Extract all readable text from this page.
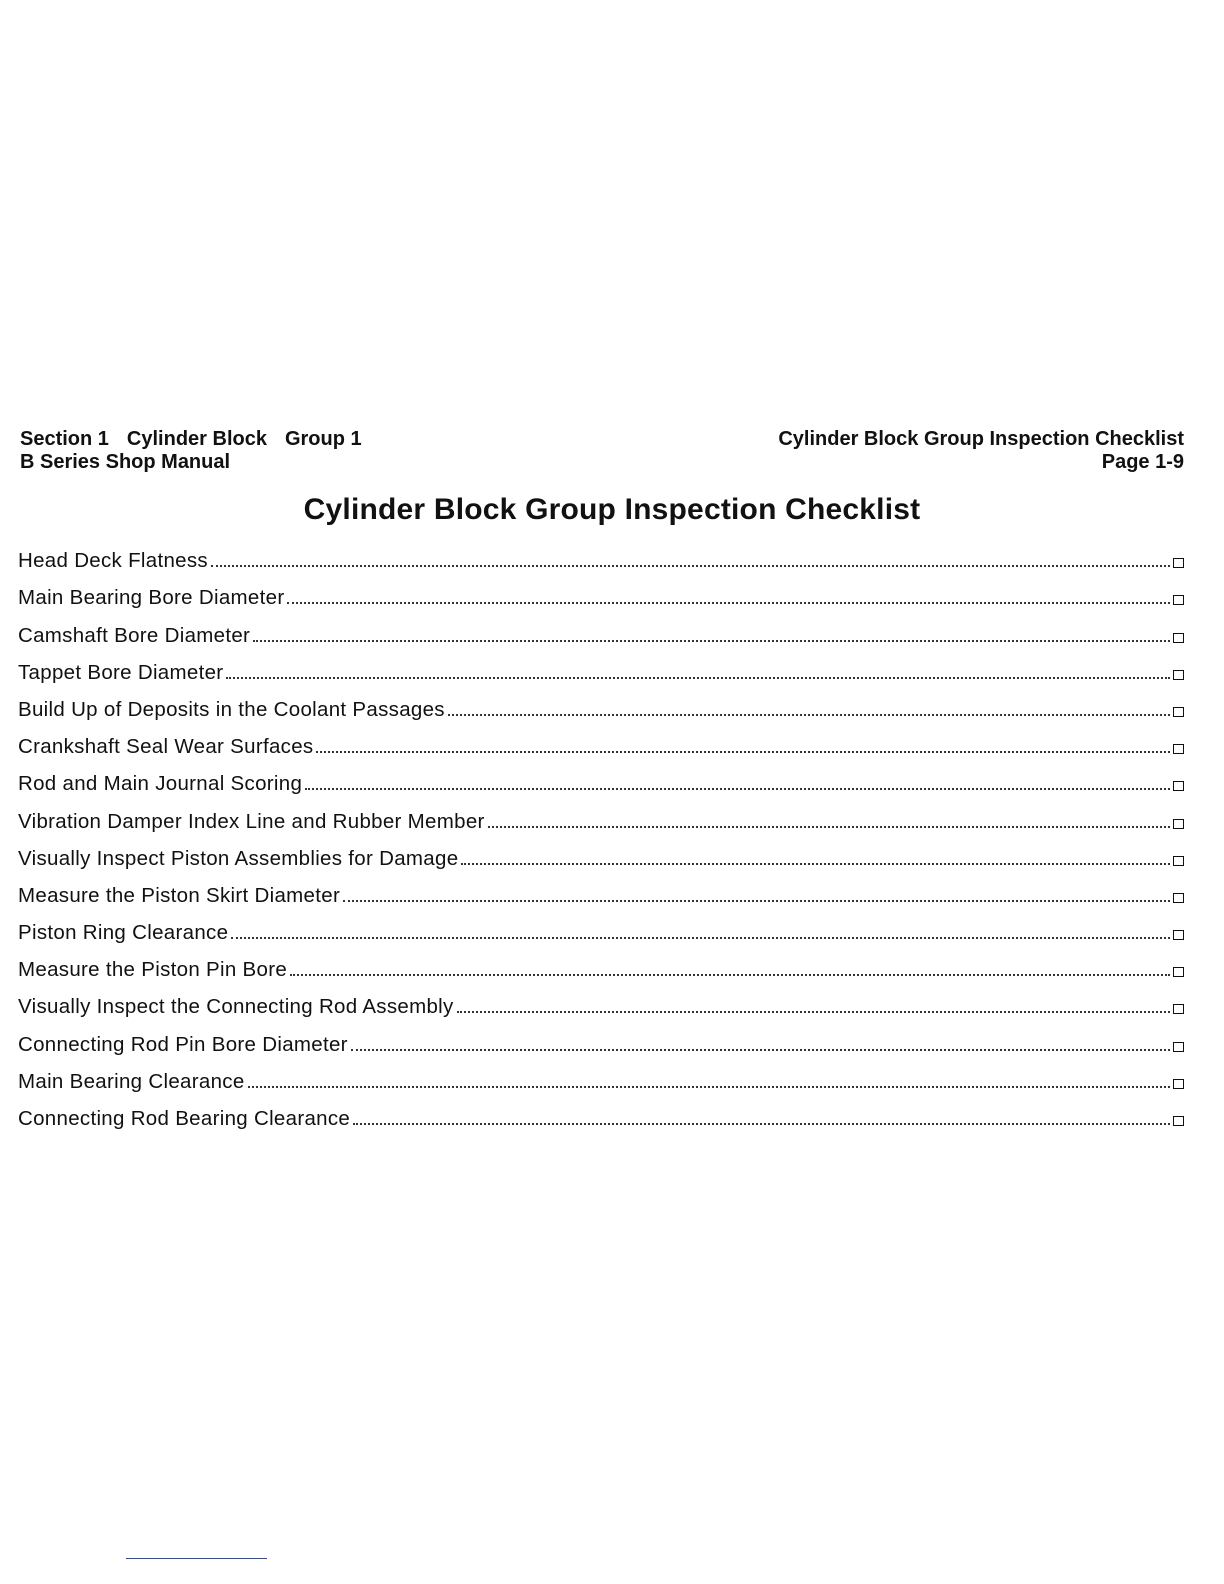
Section 1 Cylinder Block Group 1
B Series Shop Manual
Cylinder Block Group Inspection Checklist
Page 1-9
Cylinder Block Group Inspection Checklist
Head Deck Flatness
Main Bearing Bore Diameter
Camshaft Bore Diameter
Tappet Bore Diameter
Build Up of Deposits in the Coolant Passages
Crankshaft Seal Wear Surfaces
Rod and Main Journal Scoring
Vibration Damper Index Line and Rubber Member
Visually Inspect Piston Assemblies for Damage
Measure the Piston Skirt Diameter
Piston Ring Clearance
Measure the Piston Pin Bore
Visually Inspect the Connecting Rod Assembly
Connecting Rod Pin Bore Diameter
Main Bearing Clearance
Connecting Rod Bearing Clearance
